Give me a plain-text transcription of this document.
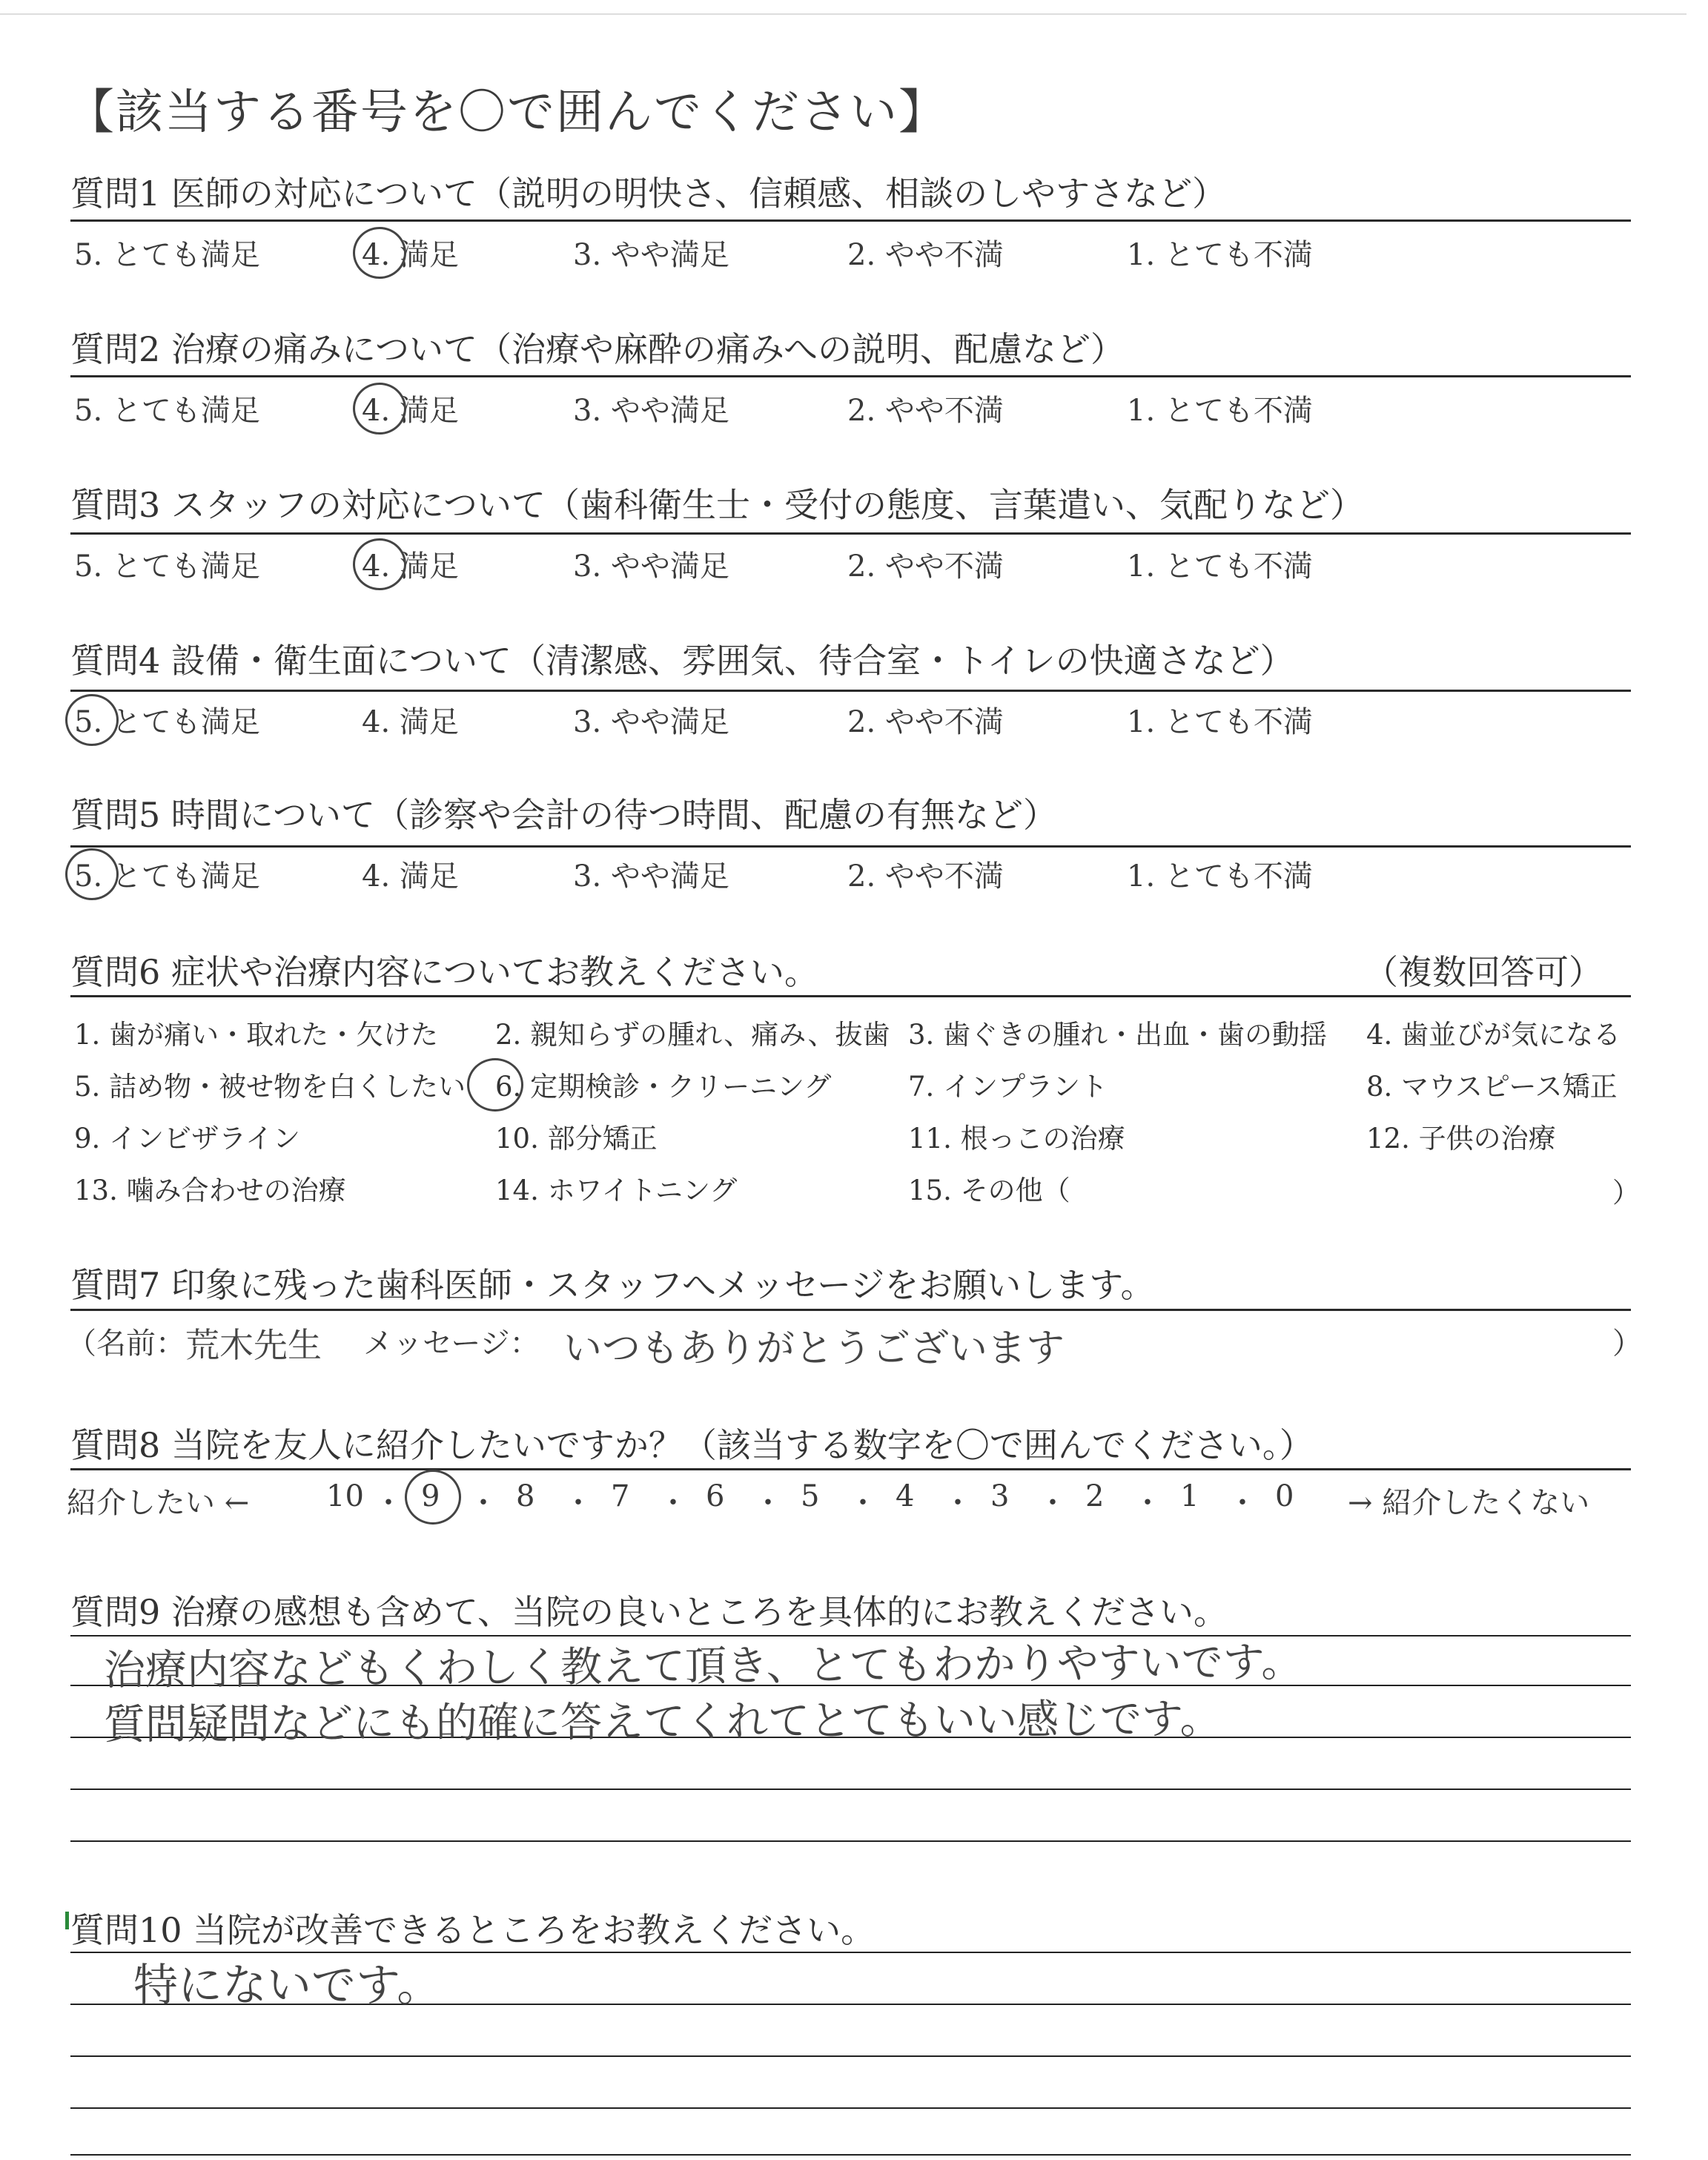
【該当する番号を〇で囲んでください】
質問1 医師の対応について（説明の明快さ、信頼感、相談のしやすさなど）
5. とても満足	4. 満足	3. やや満足	2. やや不満	1. とても不満
質問2 治療の痛みについて（治療や麻酔の痛みへの説明、配慮など）
5. とても満足	4. 満足	3. やや満足	2. やや不満	1. とても不満
質問3 スタッフの対応について（歯科衛生士・受付の態度、言葉遣い、気配りなど）
5. とても満足	4. 満足	3. やや満足	2. やや不満	1. とても不満
質問4 設備・衛生面について（清潔感、雰囲気、待合室・トイレの快適さなど）
5. とても満足	4. 満足	3. やや満足	2. やや不満	1. とても不満
質問5 時間について（診察や会計の待つ時間、配慮の有無など）
5. とても満足	4. 満足	3. やや満足	2. やや不満	1. とても不満
質問6 症状や治療内容についてお教えください。	（複数回答可）
1. 歯が痛い・取れた・欠けた 2. 親知らずの腫れ、痛み、抜歯 3. 歯ぐきの腫れ・出血・歯の動揺 4. 歯並びが気になる
5. 詰め物・被せ物を白くしたい 6. 定期検診・クリーニング	7. インプラント	8. マウスピース矯正
9. インビザライン	10. 部分矯正	11. 根っこの治療	12. 子供の治療
13. 噛み合わせの治療	14. ホワイトニング	15. その他（	）
質問7 印象に残った歯科医師・スタッフへメッセージをお願いします。
（名前： 荒木先生 メッセージ： いつもありがとうございます	）
質問8 当院を友人に紹介したいですか？（該当する数字を〇で囲んでください。）
紹介したい ←	→ 紹介したくない
10 ・ 9 ・ 8 ・ 7 ・ 6 ・ 5 ・ 4 ・ 3 ・ 2 ・ 1 ・ 0
質問9 治療の感想も含めて、当院の良いところを具体的にお教えください。
治療内容などもくわしく教えて頂き、とてもわかりやすいです。
質問疑問などにも的確に答えてくれてとてもいい感じです。
質問10 当院が改善できるところをお教えください。
特にないです。
